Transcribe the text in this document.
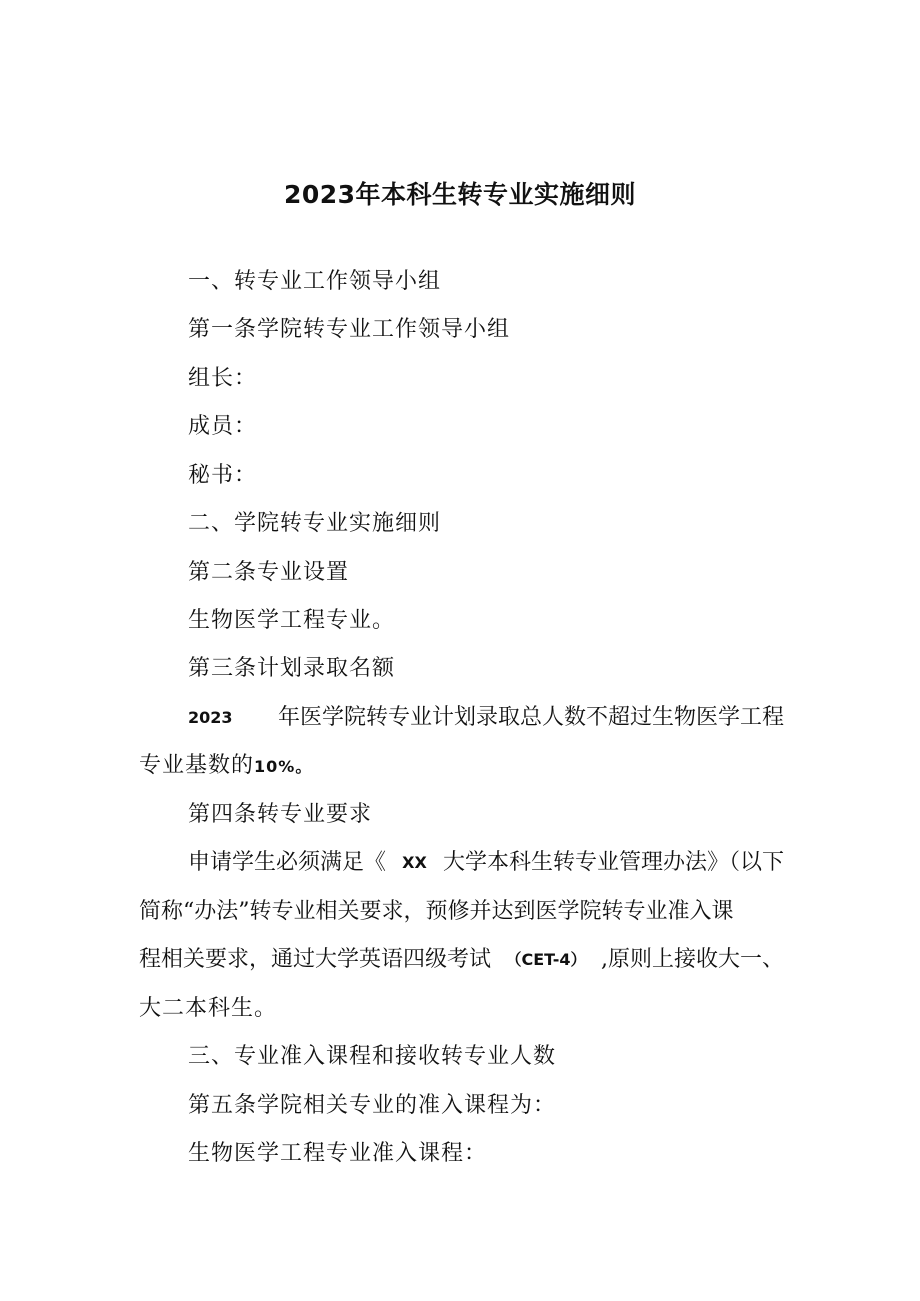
2023年本科生转专业实施细则
一、转专业工作领导小组
第一条学院转专业工作领导小组
组长：
成员：
秘书：
二、学院转专业实施细则
第二条专业设置
生物医学工程专业。
第三条计划录取名额
2023 年医学院转专业计划录取总人数不超过生物医学工程
专业基数的10%。
第四条转专业要求
申请学生必须满足《 XX 大学本科生转专业管理办法》（以下
简称“办法”转专业相关要求，预修并达到医学院转专业准入课
程相关要求，通过大学英语四级考试 （CET-4） ,原则上接收大一、
大二本科生。
三、专业准入课程和接收转专业人数
第五条学院相关专业的准入课程为：
生物医学工程专业准入课程：
